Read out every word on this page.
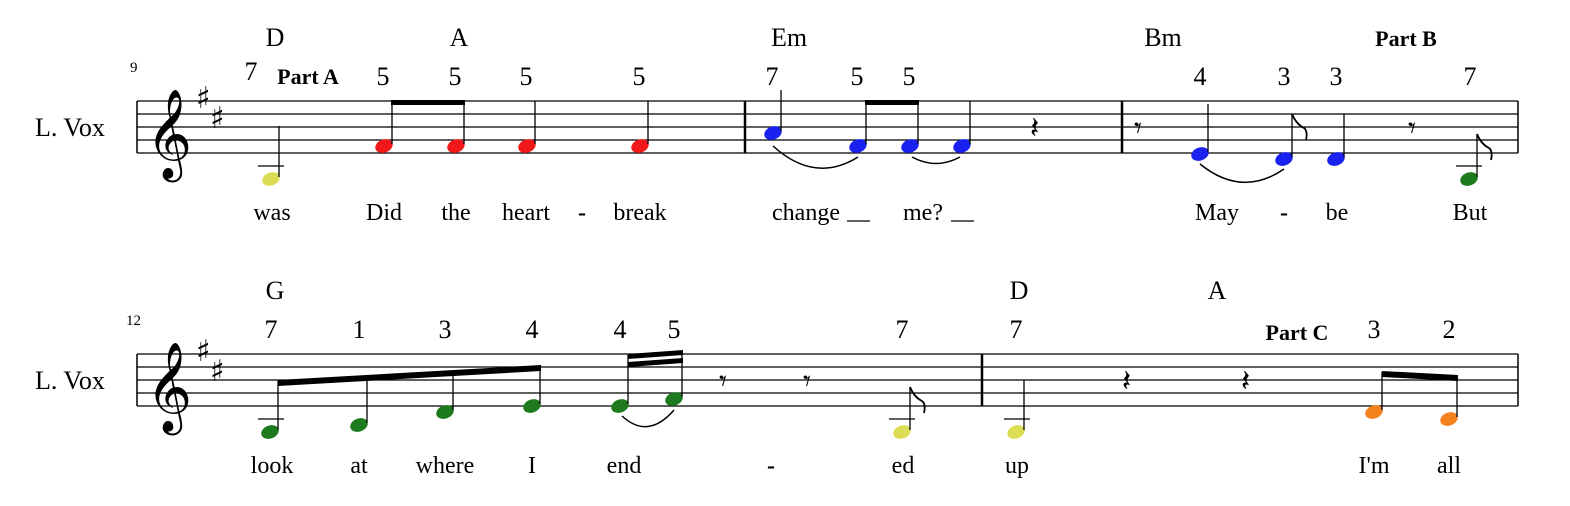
9
L. Vox 𝄞 ♯
♯
D	A	Em	Bm
Part A
Part B
7	5 5 5	5	7	5 5	4	3 3	7
𝄽	𝄾	𝄾
was	Did the heart - break	change	me?	May - be	But
12
L. Vox 𝄞 ♯
♯
G	D	A
Part C
7	1	3	4	4 5	7	7	3 2
𝄾	𝄾	𝄽	𝄽
look at where I	end	-	ed	up	I'm all
